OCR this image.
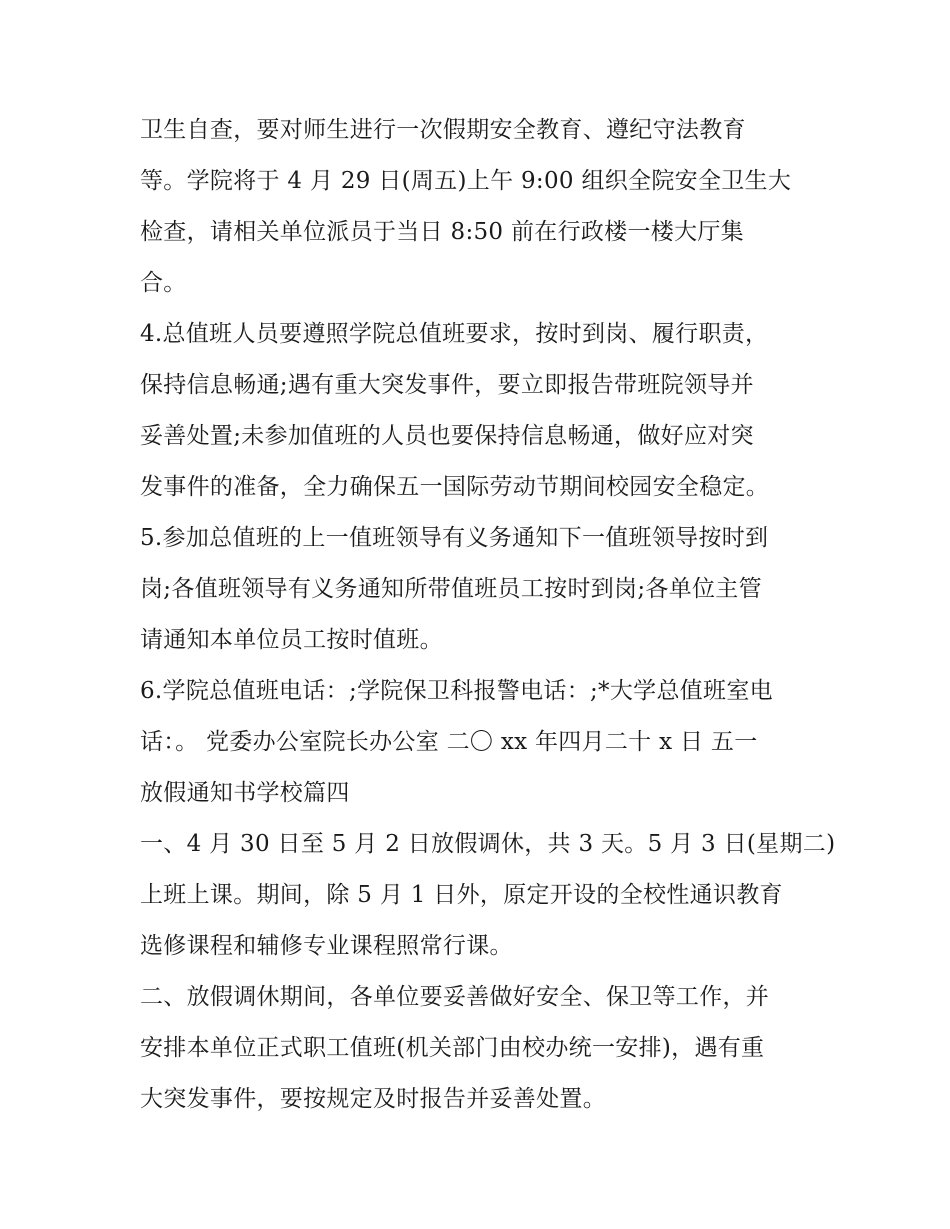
卫生自查，要对师生进行一次假期安全教育、遵纪守法教育
等。学院将于 4 月 29 日(周五)上午 9:00 组织全院安全卫生大
检查，请相关单位派员于当日 8:50 前在行政楼一楼大厅集
合。
4.总值班人员要遵照学院总值班要求，按时到岗、履行职责，
保持信息畅通;遇有重大突发事件，要立即报告带班院领导并
妥善处置;未参加值班的人员也要保持信息畅通，做好应对突
发事件的准备，全力确保五一国际劳动节期间校园安全稳定。
5.参加总值班的上一值班领导有义务通知下一值班领导按时到
岗;各值班领导有义务通知所带值班员工按时到岗;各单位主管
请通知本单位员工按时值班。
6.学院总值班电话：;学院保卫科报警电话：;*大学总值班室电
话：。 党委办公室院长办公室 二〇 xx 年四月二十 x 日 五一
放假通知书学校篇四
一、4 月 30 日至 5 月 2 日放假调休，共 3 天。5 月 3 日(星期二)
上班上课。期间，除 5 月 1 日外，原定开设的全校性通识教育
选修课程和辅修专业课程照常行课。
二、放假调休期间，各单位要妥善做好安全、保卫等工作，并
安排本单位正式职工值班(机关部门由校办统一安排)，遇有重
大突发事件，要按规定及时报告并妥善处置。
